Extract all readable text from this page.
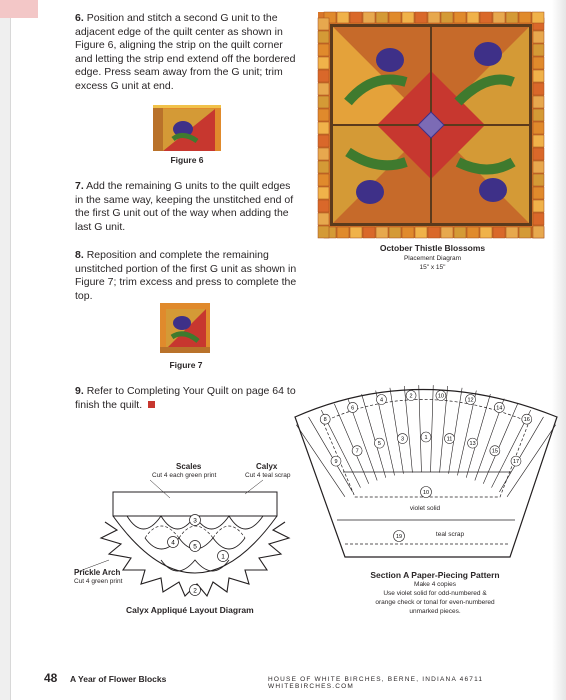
6. Position and stitch a second G unit to the adjacent edge of the quilt center as shown in Figure 6, aligning the strip on the quilt corner and letting the strip end extend off the bordered edge. Press seam away from the G unit; trim excess G unit at end.
Figure 6
7. Add the remaining G units to the quilt edges in the same way, keeping the unstitched end of the first G unit out of the way when adding the last G unit.
8. Reposition and complete the remaining unstitched portion of the first G unit as shown in Figure 7; trim excess and press to complete the top.
Figure 7
9. Refer to Completing Your Quilt on page 64 to finish the quilt.
October Thistle Blossoms
Placement Diagram
15" x 15"
9
7
5
3	1	11
13
15
17
8
6
4
2	10
12
14
16
10
19
violet solid
teal scrap
Section A Paper-Piecing Pattern
Make 4 copies
Use violet solid for odd-numbered &
orange check or tonal for even-numbered
unmarked pieces.
Scales
Cut 4 each green print
Calyx
Cut 4 teal scrap
3
4
5
1
2
Prickle Arch
Cut 4 green print
Calyx Appliqué Layout Diagram
48 A Year of Flower Blocks	HOUSE OF WHITE BIRCHES, BERNE, INDIANA 46711 WHITEBIRCHES.COM
